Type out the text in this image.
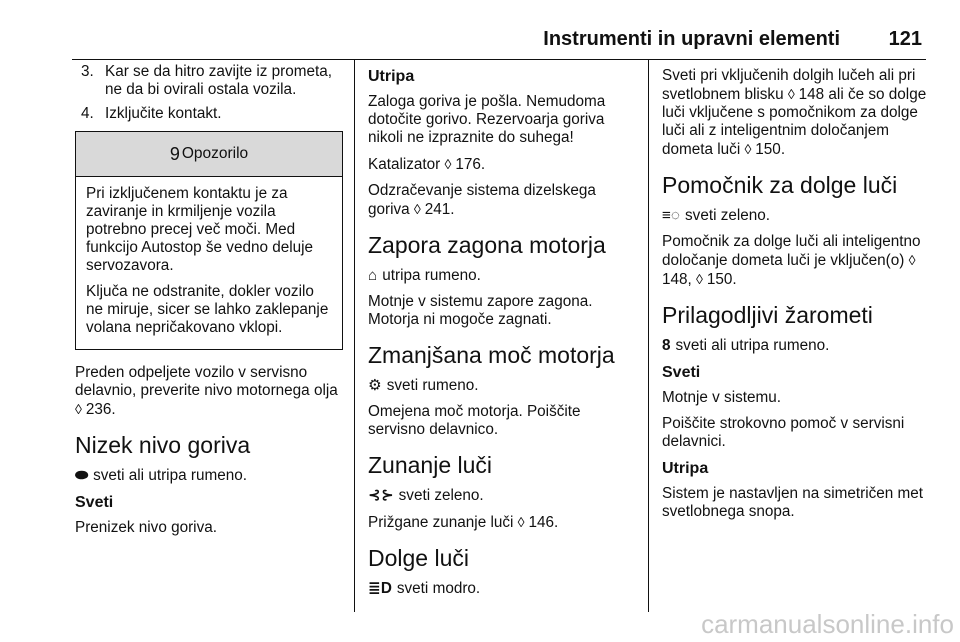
Instrumenti in upravni elementi 121
3. Kar se da hitro zavijte iz prometa, ne da bi ovirali ostala vozila.
4. Izključite kontakt.
9 Opozorilo

Pri izključenem kontaktu je za zaviranje in krmiljenje vozila potrebno precej več moči. Med funkcijo Autostop še vedno deluje servozavora.

Ključa ne odstranite, dokler vozilo ne miruje, sicer se lahko zaklepanje volana nepričakovano vklopi.

Preden odpeljete vozilo v servisno delavnio, preverite nivo motornega olja ◊ 236.

Nizek nivo goriva

⬬ sveti ali utripa rumeno.

Sveti

Prenizek nivo goriva.

Utripa

Zaloga goriva je pošla. Nemudoma dotočite gorivo. Rezervoarja goriva nikoli ne izpraznite do suhega!

Katalizator ◊ 176.

Odzračevanje sistema dizelskega goriva ◊ 241.

Zapora zagona motorja

⌂ utripa rumeno.

Motnje v sistemu zapore zagona. Motorja ni mogoče zagnati.

Zmanjšana moč motorja

⚙ sveti rumeno.

Omejena moč motorja. Poiščite servisno delavnico.

Zunanje luči

⊰⊱ sveti zeleno.

Prižgane zunanje luči ◊ 146.

Dolge luči

≣D sveti modro.

Sveti pri vključenih dolgih lučeh ali pri svetlobnem blisku ◊ 148 ali če so dolge luči vključene s pomočnikom za dolge luči ali z inteligentnim določanjem dometa luči ◊ 150.

Pomočnik za dolge luči

≡◌ sveti zeleno.

Pomočnik za dolge luči ali inteligentno določanje dometa luči je vključen(o) ◊ 148, ◊ 150.

Prilagodljivi žarometi

8 sveti ali utripa rumeno.

Sveti

Motnje v sistemu.

Poiščite strokovno pomoč v servisni delavnici.

Utripa

Sistem je nastavljen na simetričen met svetlobnega snopa.

carmanualsonline.info
